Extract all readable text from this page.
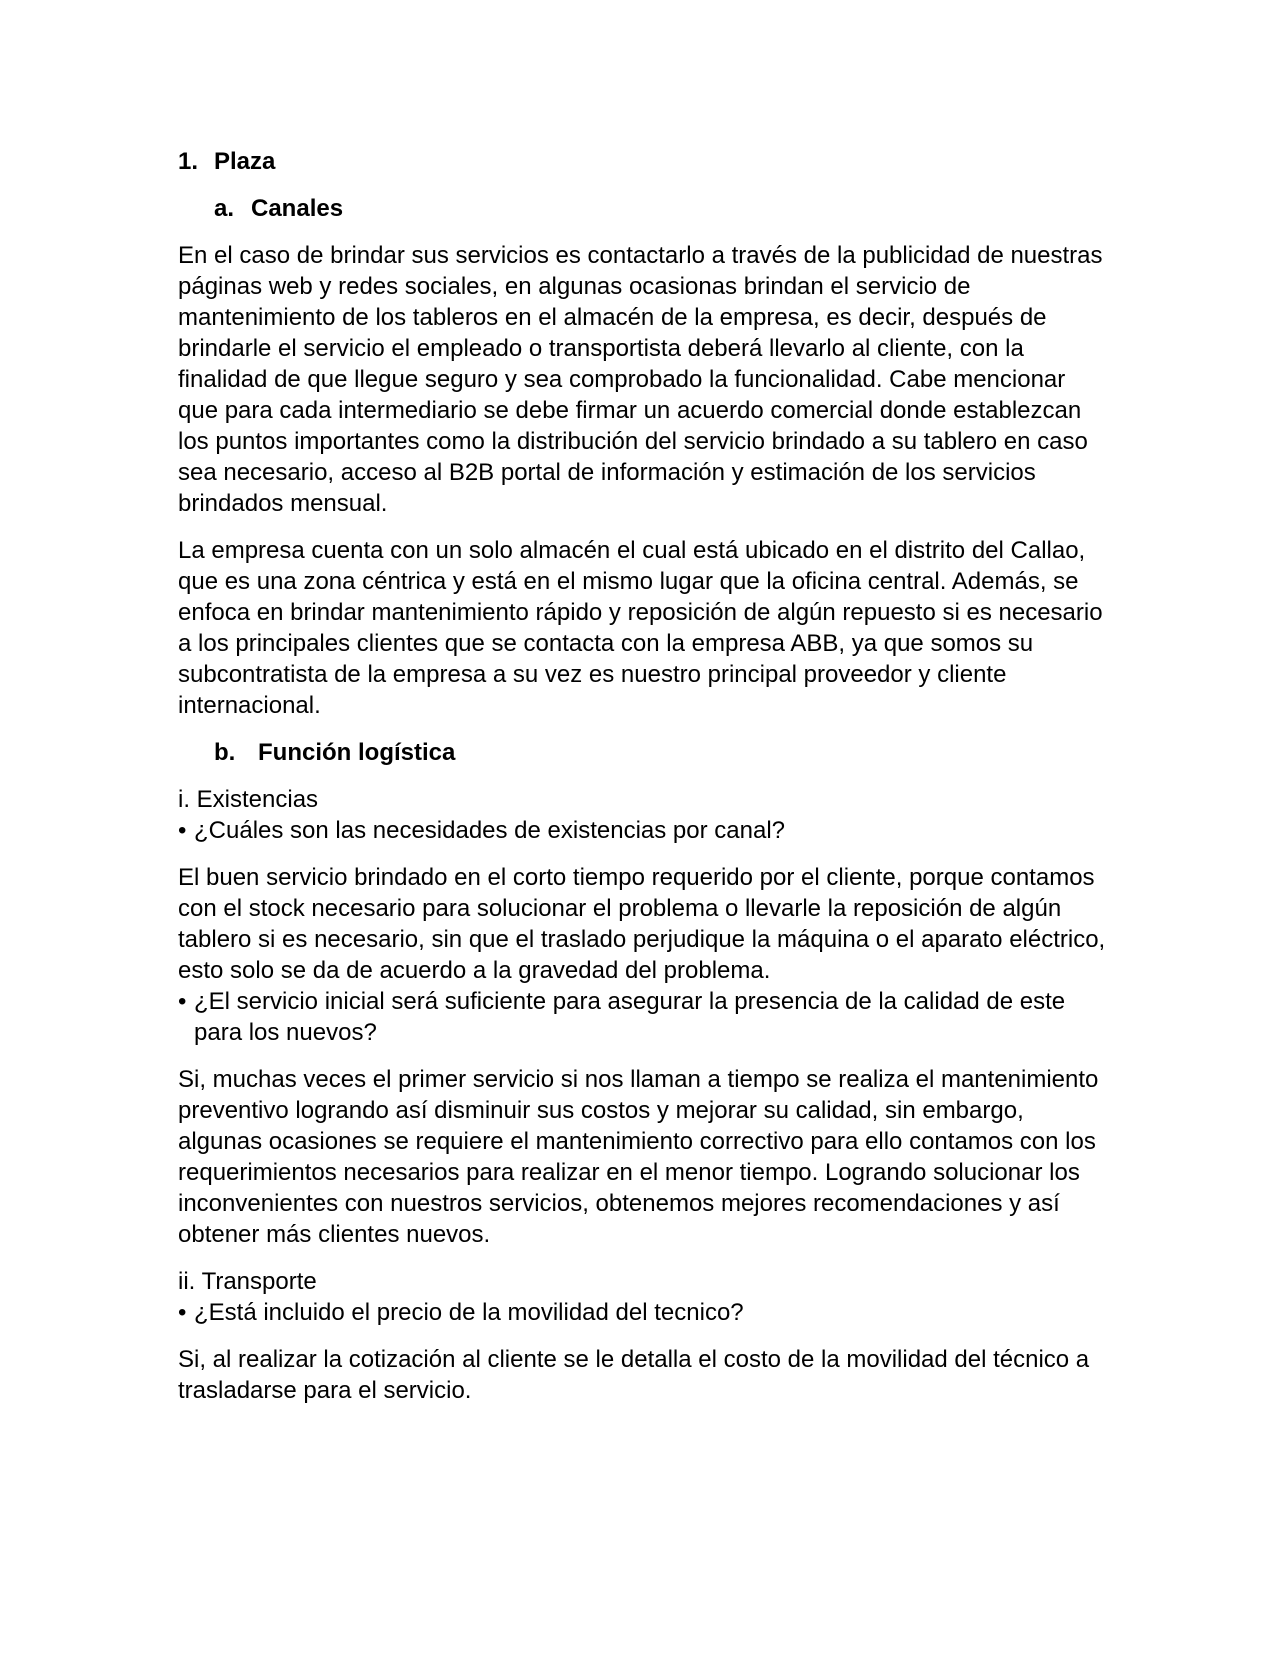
1. Plaza
a. Canales

En el caso de brindar sus servicios es contactarlo a través de la publicidad de nuestras páginas web y redes sociales, en algunas ocasionas brindan el servicio de mantenimiento de los tableros en el almacén de la empresa, es decir, después de brindarle el servicio el empleado o transportista deberá llevarlo al cliente, con la finalidad de que llegue seguro y sea comprobado la funcionalidad. Cabe mencionar que para cada intermediario se debe firmar un acuerdo comercial donde establezcan los puntos importantes como la distribución del servicio brindado a su tablero en caso sea necesario, acceso al B2B portal de información y estimación de los servicios brindados mensual.

La empresa cuenta con un solo almacén el cual está ubicado en el distrito del Callao, que es una zona céntrica y está en el mismo lugar que la oficina central. Además, se enfoca en brindar mantenimiento rápido y reposición de algún repuesto si es necesario a los principales clientes que se contacta con la empresa ABB, ya que somos su subcontratista de la empresa a su vez es nuestro principal proveedor y cliente internacional.

b. Función logística
i. Existencias
• ¿Cuáles son las necesidades de existencias por canal?
El buen servicio brindado en el corto tiempo requerido por el cliente, porque contamos con el stock necesario para solucionar el problema o llevarle la reposición de algún tablero si es necesario, sin que el traslado perjudique la máquina o el aparato eléctrico, esto solo se da de acuerdo a la gravedad del problema.
• ¿El servicio inicial será suficiente para asegurar la presencia de la calidad de este para los nuevos?

Si, muchas veces el primer servicio si nos llaman a tiempo se realiza el mantenimiento preventivo logrando así disminuir sus costos y mejorar su calidad, sin embargo, algunas ocasiones se requiere el mantenimiento correctivo para ello contamos con los requerimientos necesarios para realizar en el menor tiempo. Logrando solucionar los inconvenientes con nuestros servicios, obtenemos mejores recomendaciones y así obtener más clientes nuevos.

ii. Transporte
• ¿Está incluido el precio de la movilidad del tecnico?

Si, al realizar la cotización al cliente se le detalla el costo de la movilidad del técnico a trasladarse para el servicio.
